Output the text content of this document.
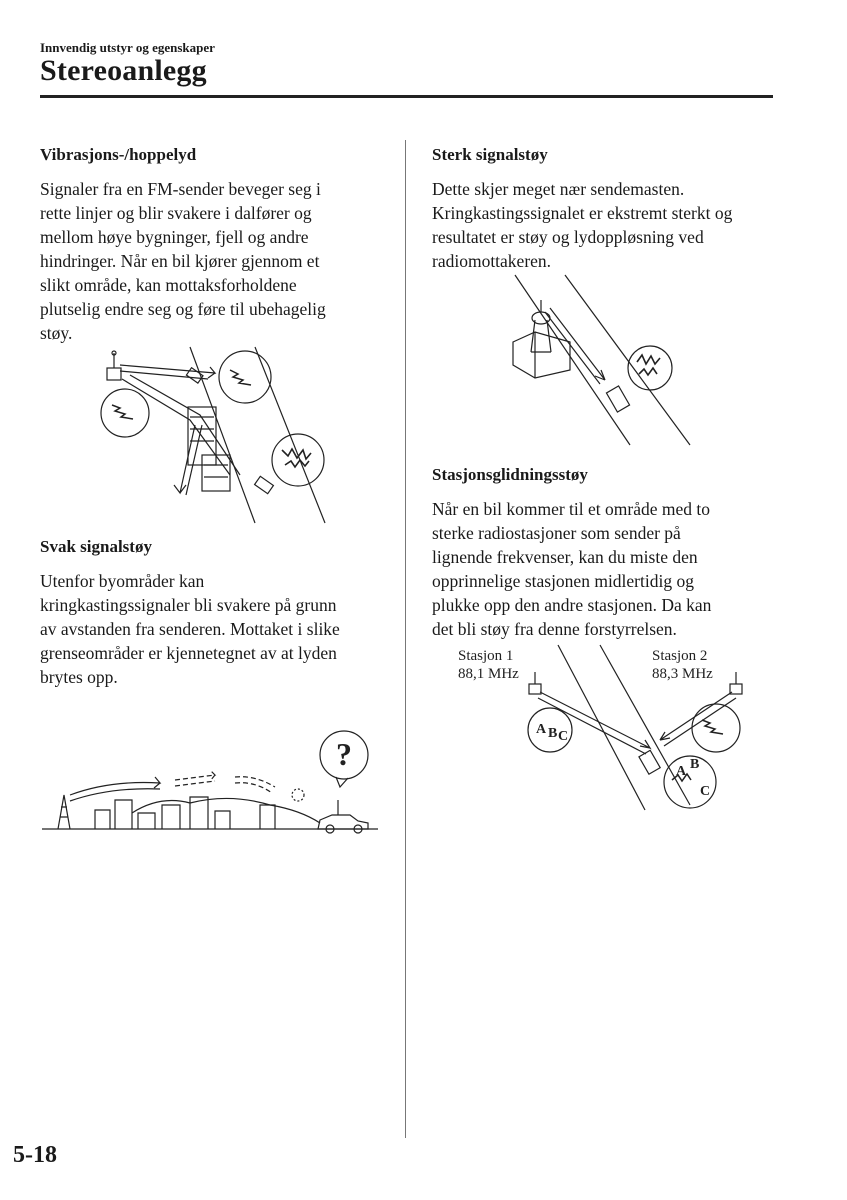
Innvendig utstyr og egenskaper
Stereoanlegg
Vibrasjons-/hoppelyd

Signaler fra en FM-sender beveger seg i

rette linjer og blir svakere i dalfører og

mellom høye bygninger, fjell og andre

hindringer. Når en bil kjører gjennom et

slikt område, kan mottaksforholdene

plutselig endre seg og føre til ubehagelig

støy.

Svak signalstøy

Utenfor byområder kan

kringkastingssignaler bli svakere på grunn

av avstanden fra senderen. Mottaket i slike

grenseområder er kjennetegnet av at lyden

brytes opp.

?
Sterk signalstøy

Dette skjer meget nær sendemasten.

Kringkastingssignalet er ekstremt sterkt og

resultatet er støy og lydoppløsning ved

radiomottakeren.

Stasjonsglidningsstøy

Når en bil kommer til et område med to

sterke radiostasjoner som sender på

lignende frekvenser, kan du miste den

opprinnelige stasjonen midlertidig og

plukke opp den andre stasjonen. Da kan

det bli støy fra denne forstyrrelsen.

Stasjon 1
88,1 MHz
Stasjon 2
88,3 MHz
A B C
A B
C
5-18
